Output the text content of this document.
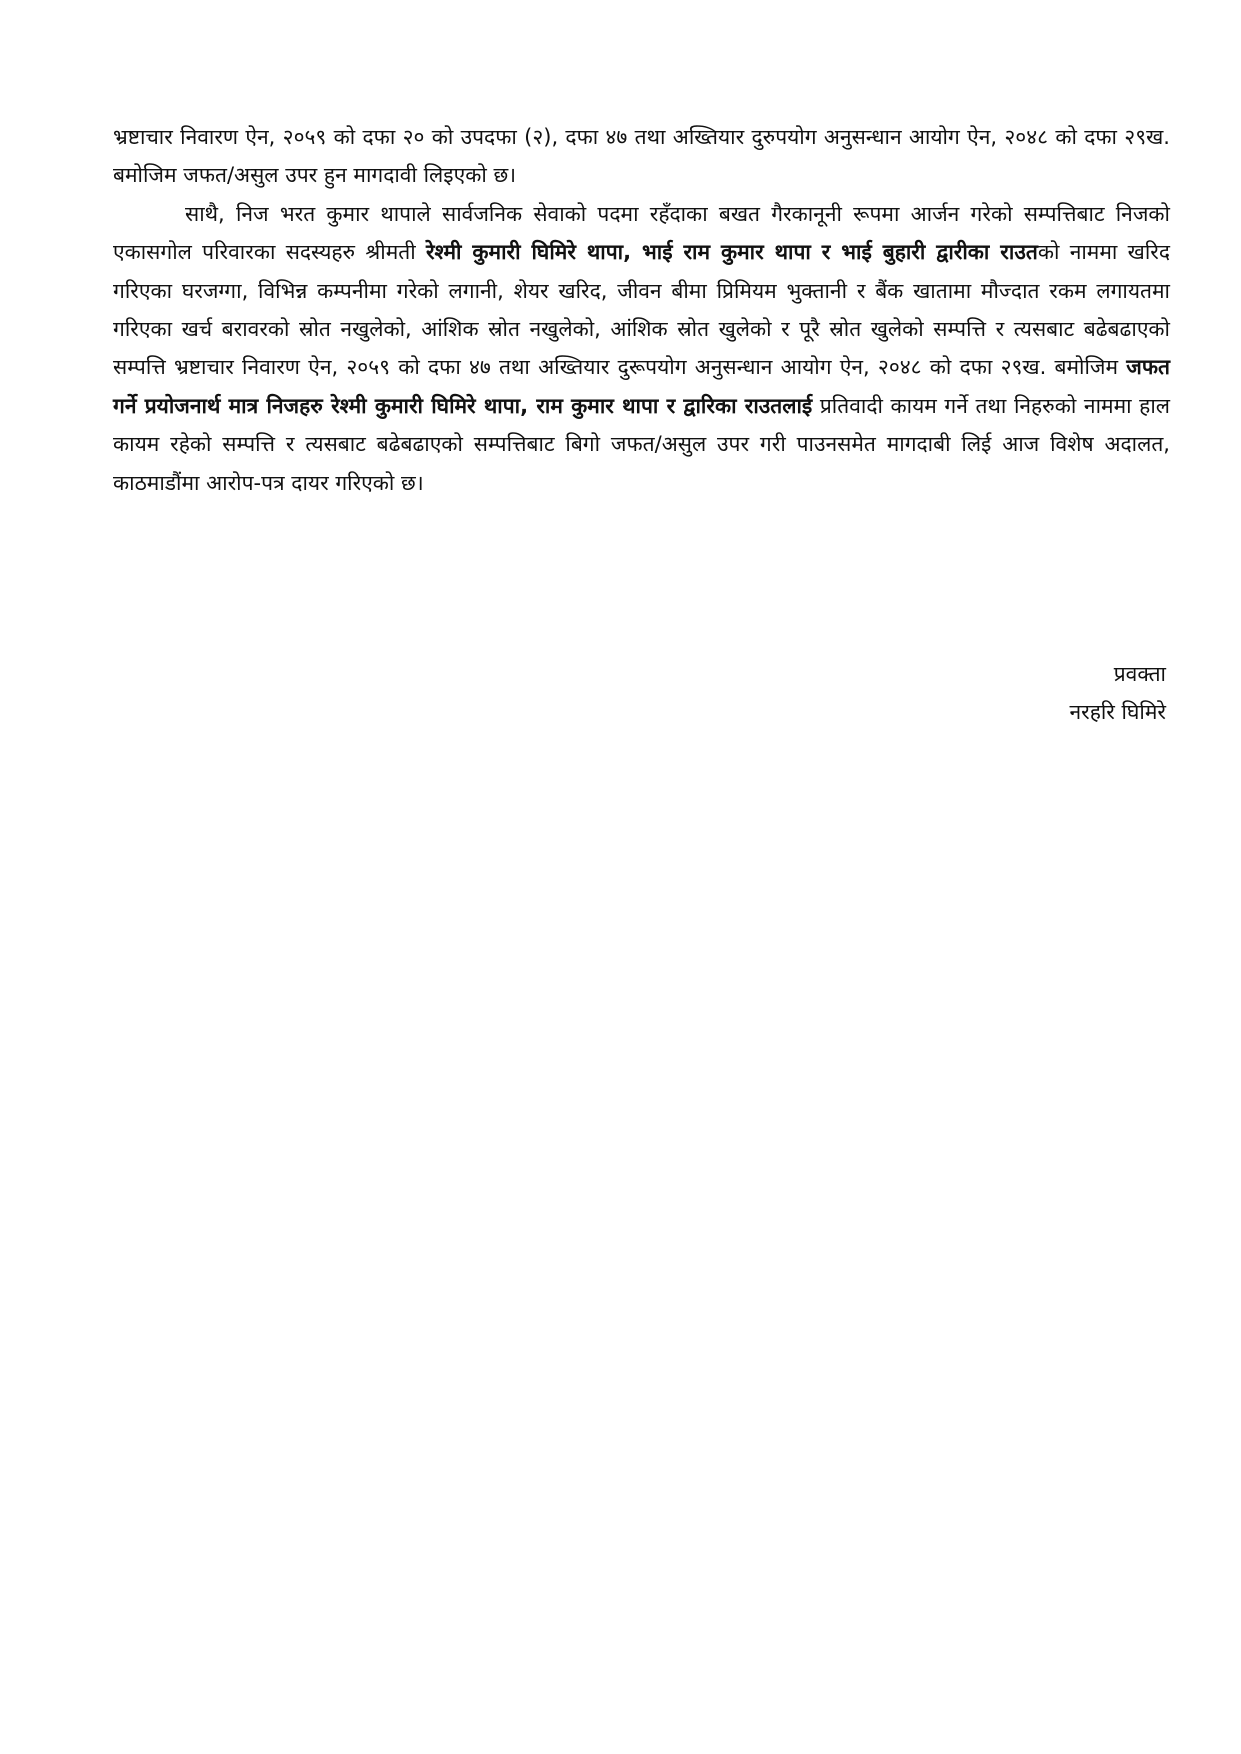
भ्रष्टाचार निवारण ऐन, २०५९ को दफा २० को उपदफा (२), दफा ४७ तथा अख्तियार दुरुपयोग अनुसन्धान आयोग ऐन, २०४८ को दफा २९ख. बमोजिम जफत/असुल उपर हुन मागदावी लिइएको छ।

साथै, निज भरत कुमार थापाले सार्वजनिक सेवाको पदमा रहँदाका बखत गैरकानूनी रूपमा आर्जन गरेको सम्पत्तिबाट निजको एकासगोल परिवारका सदस्यहरु श्रीमती रेश्मी कुमारी घिमिरे थापा, भाई राम कुमार थापा र भाई बुहारी द्वारीका राउतको नाममा खरिद गरिएका घरजग्गा, विभिन्न कम्पनीमा गरेको लगानी, शेयर खरिद, जीवन बीमा प्रिमियम भुक्तानी र बैंक खातामा मौज्दात रकम लगायतमा गरिएका खर्च बरावरको स्रोत नखुलेको, आंशिक स्रोत नखुलेको, आंशिक स्रोत खुलेको र पूरै स्रोत खुलेको सम्पत्ति र त्यसबाट बढेबढाएको सम्पत्ति भ्रष्टाचार निवारण ऐन, २०५९ को दफा ४७ तथा अख्तियार दुरूपयोग अनुसन्धान आयोग ऐन, २०४८ को दफा २९ख. बमोजिम जफत गर्ने प्रयोजनार्थ मात्र निजहरु रेश्मी कुमारी घिमिरे थापा, राम कुमार थापा र द्वारिका राउतलाई प्रतिवादी कायम गर्ने तथा निहरुको नाममा हाल कायम रहेको सम्पत्ति र त्यसबाट बढेबढाएको सम्पत्तिबाट बिगो जफत/असुल उपर गरी पाउनसमेत मागदाबी लिई आज विशेष अदालत, काठमाडौंमा आरोप-पत्र दायर गरिएको छ।

प्रवक्ता
नरहरि घिमिरे
